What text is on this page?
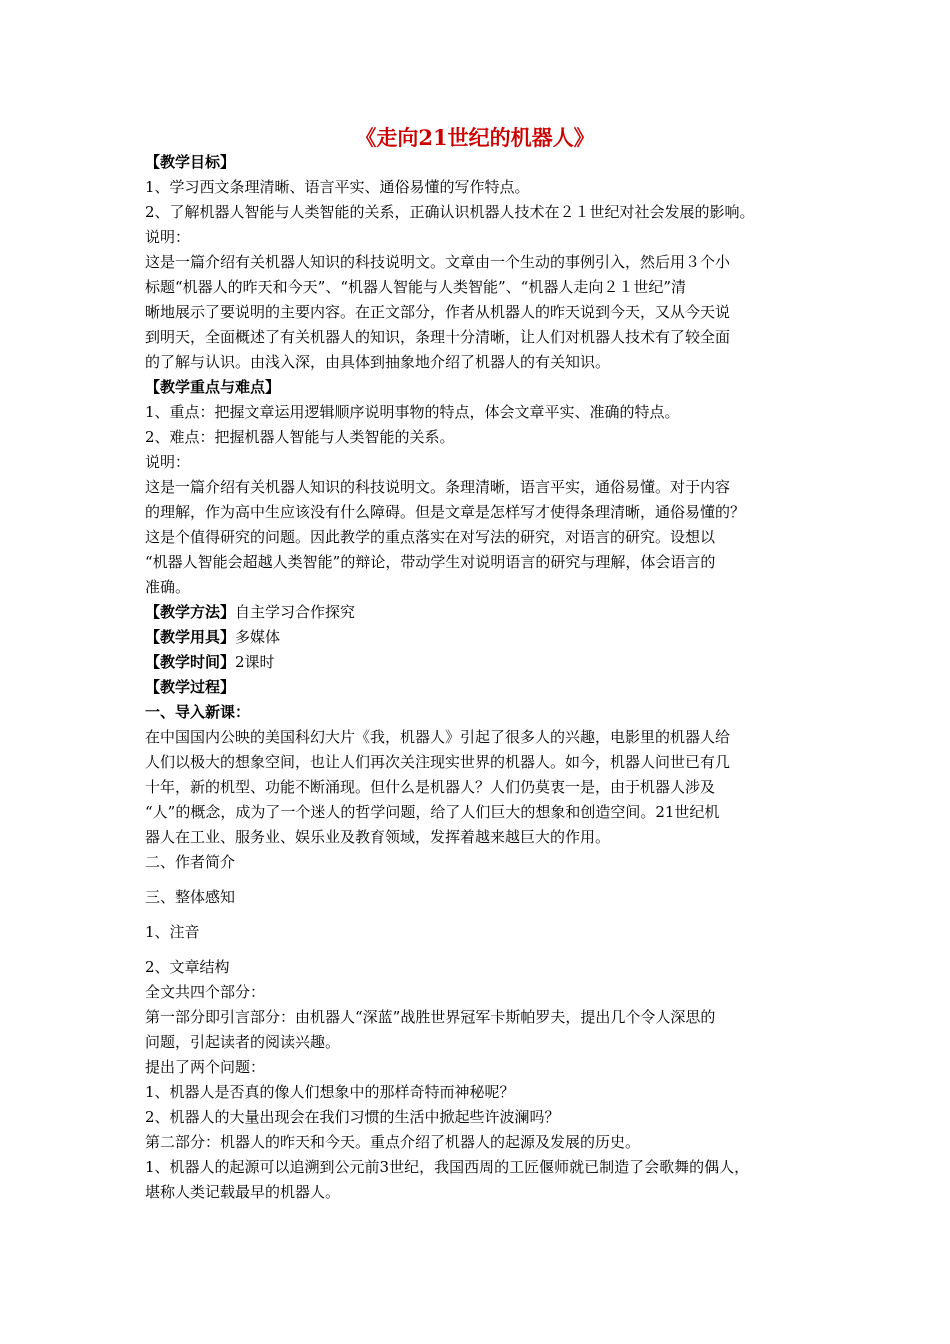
《走向21世纪的机器人》

【教学目标】

1、学习西文条理清晰、语言平实、通俗易懂的写作特点。

2、了解机器人智能与人类智能的关系，正确认识机器人技术在２１世纪对社会发展的影响。

说明：

这是一篇介绍有关机器人知识的科技说明文。文章由一个生动的事例引入，然后用３个小

标题“机器人的昨天和今天”、“机器人智能与人类智能”、“机器人走向２１世纪”清

晰地展示了要说明的主要内容。在正文部分，作者从机器人的昨天说到今天，又从今天说

到明天，全面概述了有关机器人的知识，条理十分清晰，让人们对机器人技术有了较全面

的了解与认识。由浅入深，由具体到抽象地介绍了机器人的有关知识。

【教学重点与难点】

1、重点：把握文章运用逻辑顺序说明事物的特点，体会文章平实、准确的特点。

2、难点：把握机器人智能与人类智能的关系。

说明：

这是一篇介绍有关机器人知识的科技说明文。条理清晰，语言平实，通俗易懂。对于内容

的理解，作为高中生应该没有什么障碍。但是文章是怎样写才使得条理清晰，通俗易懂的？

这是个值得研究的问题。因此教学的重点落实在对写法的研究，对语言的研究。设想以

“机器人智能会超越人类智能”的辩论，带动学生对说明语言的研究与理解，体会语言的

准确。

【教学方法】自主学习合作探究

【教学用具】多媒体

【教学时间】2课时

【教学过程】

一、导入新课：

在中国国内公映的美国科幻大片《我，机器人》引起了很多人的兴趣，电影里的机器人给

人们以极大的想象空间，也让人们再次关注现实世界的机器人。如今，机器人问世已有几

十年，新的机型、功能不断涌现。但什么是机器人？人们仍莫衷一是，由于机器人涉及

“人”的概念，成为了一个迷人的哲学问题，给了人们巨大的想象和创造空间。21世纪机

器人在工业、服务业、娱乐业及教育领域，发挥着越来越巨大的作用。

二、作者简介

三、整体感知

1、注音

2、文章结构

全文共四个部分：

第一部分即引言部分：由机器人“深蓝”战胜世界冠军卡斯帕罗夫，提出几个令人深思的

问题，引起读者的阅读兴趣。

提出了两个问题：

1、机器人是否真的像人们想象中的那样奇特而神秘呢？

2、机器人的大量出现会在我们习惯的生活中掀起些许波澜吗？

第二部分：机器人的昨天和今天。重点介绍了机器人的起源及发展的历史。

1、机器人的起源可以追溯到公元前3世纪，我国西周的工匠偃师就已制造了会歌舞的偶人，

堪称人类记载最早的机器人。
